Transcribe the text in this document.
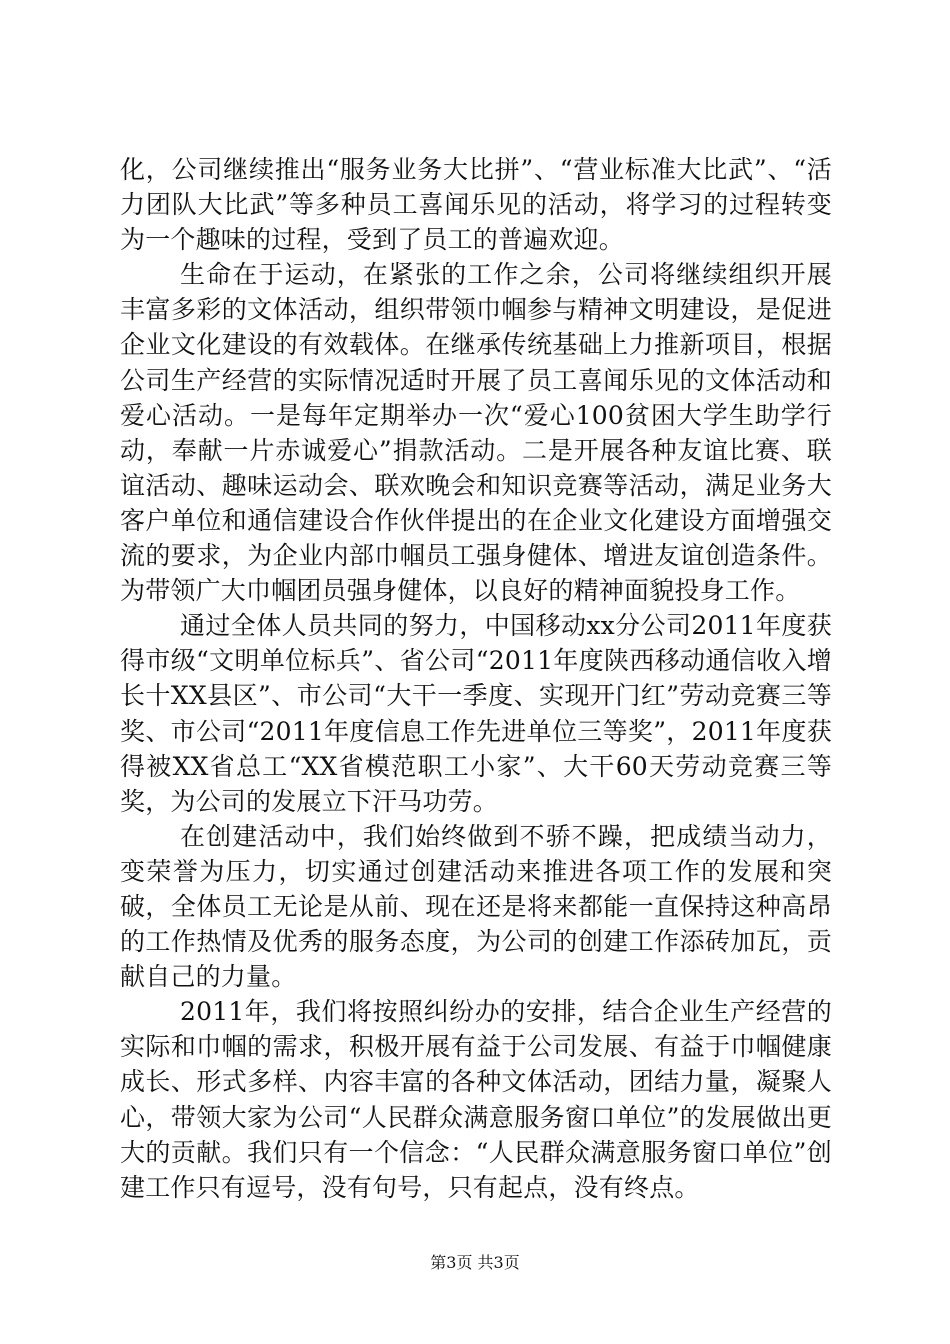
化，公司继续推出“服务业务大比拼”、“营业标准大比武”、“活力团队大比武”等多种员工喜闻乐见的活动，将学习的过程转变为一个趣味的过程，受到了员工的普遍欢迎。

生命在于运动，在紧张的工作之余，公司将继续组织开展丰富多彩的文体活动，组织带领巾帼参与精神文明建设，是促进企业文化建设的有效载体。在继承传统基础上力推新项目，根据公司生产经营的实际情况适时开展了员工喜闻乐见的文体活动和爱心活动。一是每年定期举办一次“爱心100贫困大学生助学行动，奉献一片赤诚爱心”捐款活动。二是开展各种友谊比赛、联谊活动、趣味运动会、联欢晚会和知识竞赛等活动，满足业务大客户单位和通信建设合作伙伴提出的在企业文化建设方面增强交流的要求，为企业内部巾帼员工强身健体、增进友谊创造条件。为带领广大巾帼团员强身健体，以良好的精神面貌投身工作。

通过全体人员共同的努力，中国移动xx分公司2011年度获得市级“文明单位标兵”、省公司“2011年度陕西移动通信收入增长十XX县区”、市公司“大干一季度、实现开门红”劳动竞赛三等奖、市公司“2011年度信息工作先进单位三等奖”，2011年度获得被XX省总工“XX省模范职工小家”、大干60天劳动竞赛三等奖，为公司的发展立下汗马功劳。

在创建活动中，我们始终做到不骄不躁，把成绩当动力，变荣誉为压力，切实通过创建活动来推进各项工作的发展和突破，全体员工无论是从前、现在还是将来都能一直保持这种高昂的工作热情及优秀的服务态度，为公司的创建工作添砖加瓦，贡献自己的力量。

2011年，我们将按照纠纷办的安排，结合企业生产经营的实际和巾帼的需求，积极开展有益于公司发展、有益于巾帼健康成长、形式多样、内容丰富的各种文体活动，团结力量，凝聚人心，带领大家为公司“人民群众满意服务窗口单位”的发展做出更大的贡献。我们只有一个信念：“人民群众满意服务窗口单位”创建工作只有逗号，没有句号，只有起点，没有终点。

第3页 共3页
